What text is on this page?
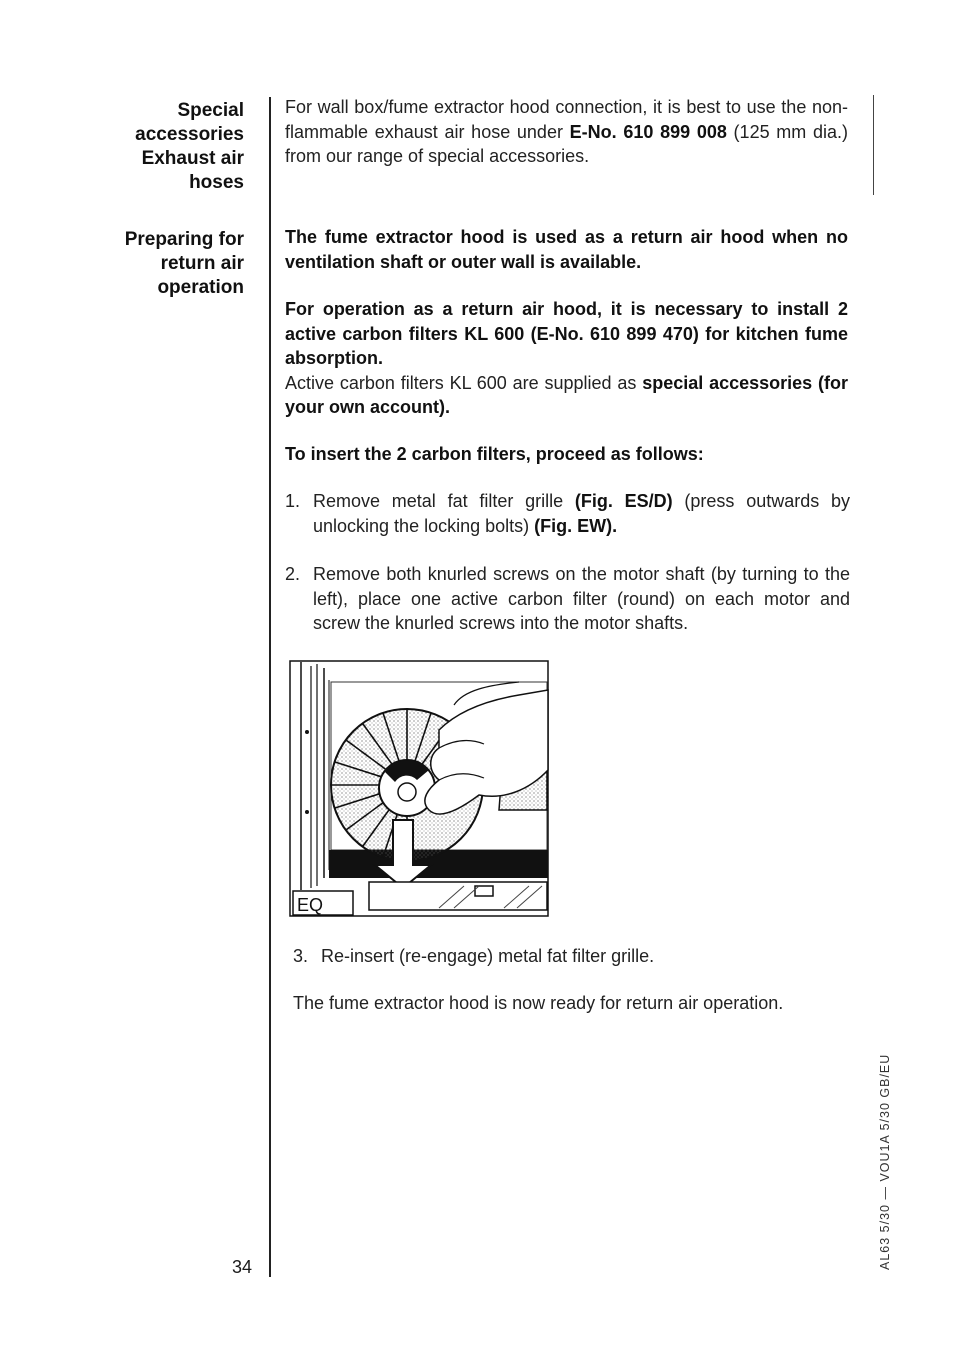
Special
accessories
Exhaust air
hoses
Preparing for
return air
operation
For wall box/fume extractor hood connection, it is best to use the non-flammable exhaust air hose under E-No. 610 899 008 (125 mm dia.) from our range of special accessories.
The fume extractor hood is used as a return air hood when no ventilation shaft or outer wall is available.
For operation as a return air hood, it is necessary to install 2 active carbon filters KL 600 (E-No. 610 899 470) for kitchen fume absorption.
Active carbon filters KL 600 are supplied as special accessories (for your own account).
To insert the 2 carbon filters, proceed as follows:
1. Remove metal fat filter grille (Fig. ES/D) (press outwards by unlocking the locking bolts) (Fig. EW).
2. Remove both knurled screws on the motor shaft (by turning to the left), place one active carbon filter (round) on each motor and screw the knurled screws into the motor shafts.
EQ
3. Re-insert (re-engage) metal fat filter grille.
The fume extractor hood is now ready for return air operation.
34	AL63 5/30 — VOU1A 5/30 GB/EU
